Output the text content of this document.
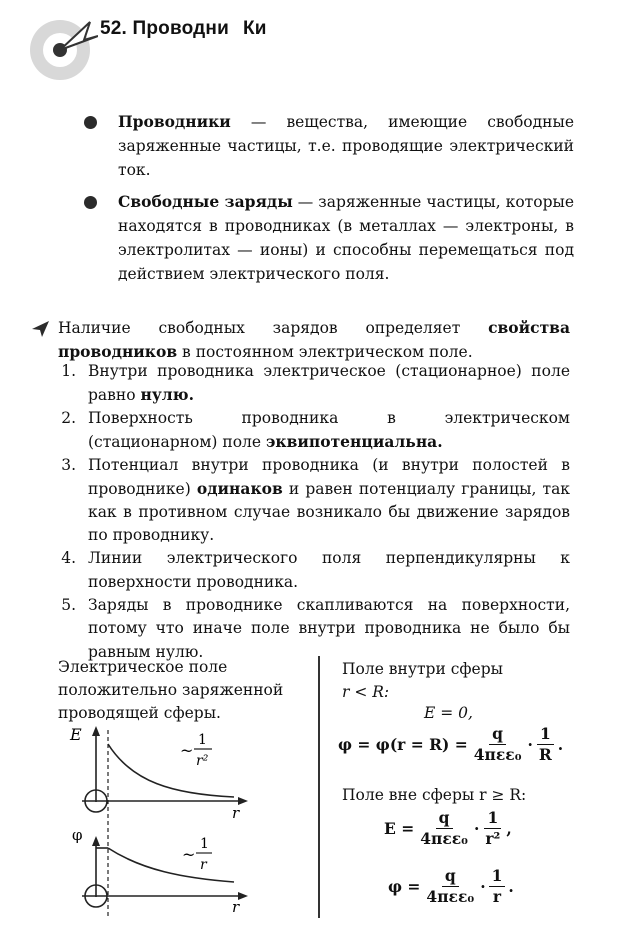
52. Проводни Ки
Проводники — вещества, имеющие свободные заряженные частицы, т.е. проводящие электрический ток.
Свободные заряды — заряженные частицы, которые находятся в проводниках (в металлах — электроны, в электролитах — ионы) и способны перемещаться под действием электрического поля.
Наличие свободных зарядов определяет свойства проводников в постоянном электрическом поле.
1. Внутри проводника электрическое (стационарное) поле равно нулю.
2. Поверхность проводника в электрическом (стационарном) поле эквипотенциальна.
3. Потенциал внутри проводника (и внутри полостей в проводнике) одинаков и равен потенциалу границы, так как в противном случае возникало бы движение зарядов по проводнику.
4. Линии электрического поля перпендикулярны к поверхности проводника.
5. Заряды в проводнике скапливаются на поверхности, потому что иначе поле внутри проводника не было бы равным нулю.
Электрическое поле положительно заряженной проводящей сферы.
E
r
~
1
r²
φ
r
~
1
r
Поле внутри сферы
r < R:
E = 0,
$\varphi = \varphi(r = R) = \frac{q}{\text{4πεε₀}} \cdot \frac{1}{R}$ .
Поле вне сферы r ≥ R:
$E = \frac{q}{\text{4πεε₀}} \cdot \frac{1}{\text{r²}}$ ,
$\varphi = \frac{q}{\text{4πεε₀}} \cdot \frac{1}{r}$ .
